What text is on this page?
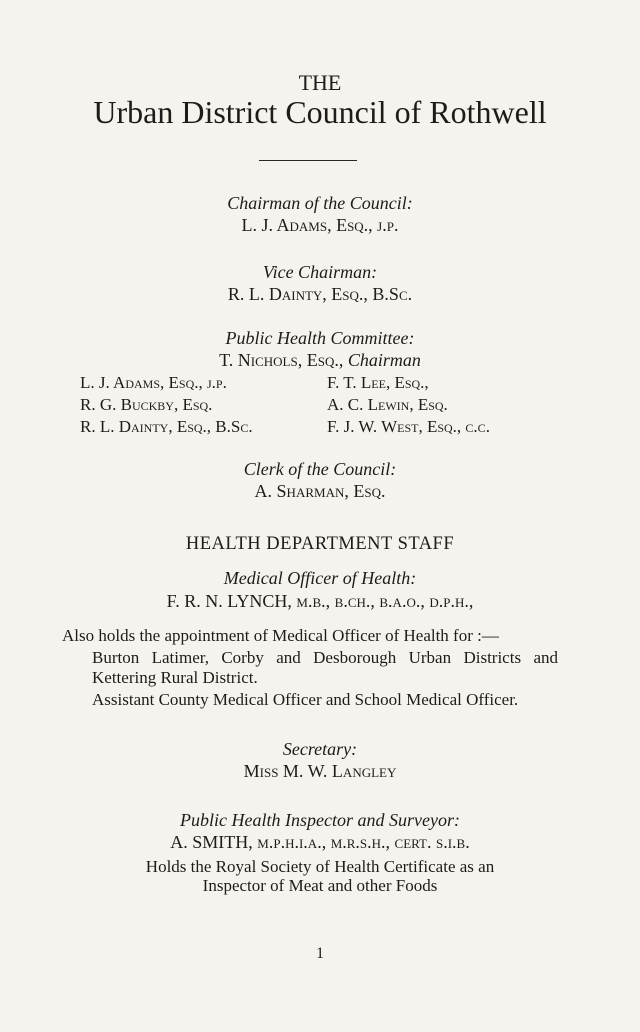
THE
Urban District Council of Rothwell
Chairman of the Council:
L. J. Adams, Esq., j.p.
Vice Chairman:
R. L. Dainty, Esq., B.Sc.
Public Health Committee:
T. Nichols, Esq., Chairman
L. J. Adams, Esq., j.p.
R. G. Buckby, Esq.
R. L. Dainty, Esq., B.Sc.
F. T. Lee, Esq.,
A. C. Lewin, Esq.
F. J. W. West, Esq., c.c.
Clerk of the Council:
A. Sharman, Esq.
HEALTH DEPARTMENT STAFF
Medical Officer of Health:
F. R. N. LYNCH, m.b., b.ch., b.a.o., d.p.h.,
Also holds the appointment of Medical Officer of Health for :—
Burton Latimer, Corby and Desborough Urban Districts and
Kettering Rural District.
Assistant County Medical Officer and School Medical Officer.
Secretary:
Miss M. W. Langley
Public Health Inspector and Surveyor:
A. SMITH, m.p.h.i.a., m.r.s.h., cert. s.i.b.
Holds the Royal Society of Health Certificate as an
Inspector of Meat and other Foods
1
